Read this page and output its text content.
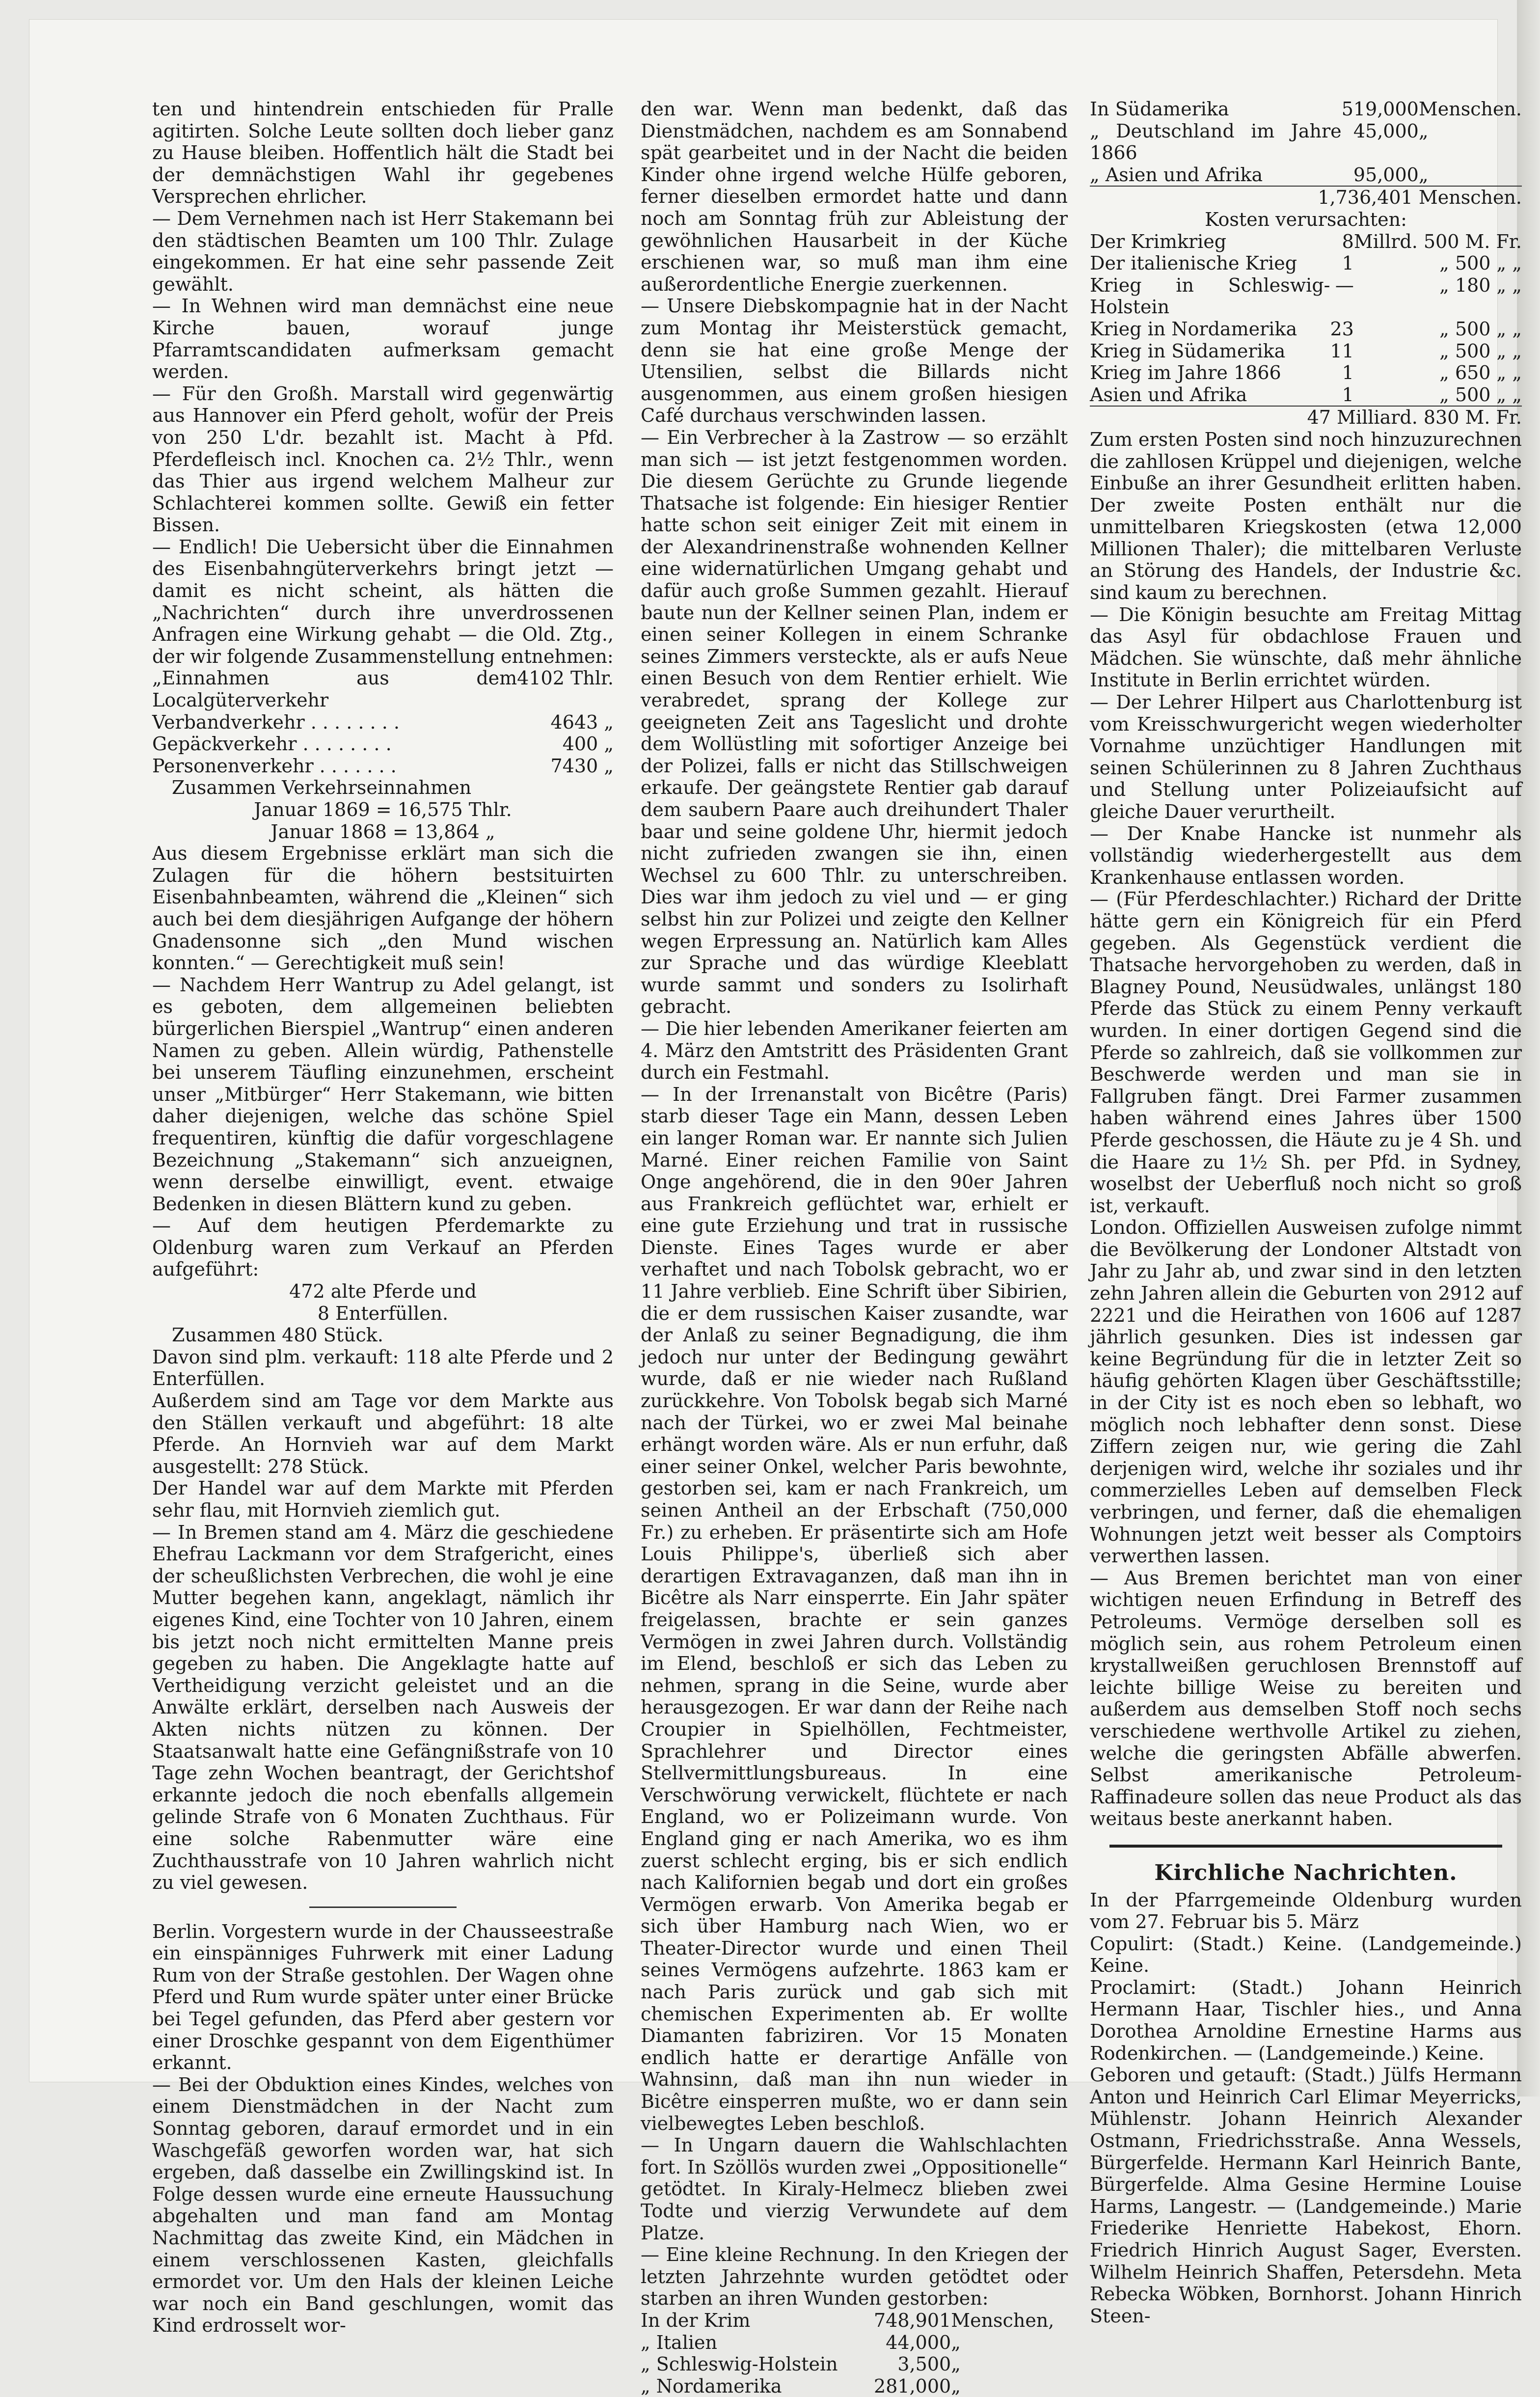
ten und hintendrein entschieden für Pralle agitirten. Solche Leute sollten doch lieber ganz zu Hause bleiben. Hoffentlich hält die Stadt bei der demnächstigen Wahl ihr gegebenes Versprechen ehrlicher.

— Dem Vernehmen nach ist Herr Stakemann bei den städtischen Beamten um 100 Thlr. Zulage eingekommen. Er hat eine sehr passende Zeit gewählt.

— In Wehnen wird man demnächst eine neue Kirche bauen, worauf junge Pfarramtscandidaten aufmerksam gemacht werden.

— Für den Großh. Marstall wird gegenwärtig aus Hannover ein Pferd geholt, wofür der Preis von 250 L'dr. bezahlt ist. Macht à Pfd. Pferdefleisch incl. Knochen ca. 2½ Thlr., wenn das Thier aus irgend welchem Malheur zur Schlachterei kommen sollte. Gewiß ein fetter Bissen.

— Endlich! Die Uebersicht über die Einnahmen des Eisenbahngüterverkehrs bringt jetzt — damit es nicht scheint, als hätten die „Nachrichten“ durch ihre unverdrossenen Anfragen eine Wirkung gehabt — die Old. Ztg., der wir folgende Zusammenstellung entnehmen:

„Einnahmen aus dem Localgüterverkehr	4102 Thlr.
Verbandverkehr . . . . . . . .	4643 „
Gepäckverkehr . . . . . . . .	400 „
Personenverkehr . . . . . . .	7430 „

Zusammen Verkehrseinnahmen

Januar 1869 = 16,575 Thlr.

Januar 1868 = 13,864 „

Aus diesem Ergebnisse erklärt man sich die Zulagen für die höhern bestsituirten Eisenbahnbeamten, während die „Kleinen“ sich auch bei dem diesjährigen Aufgange der höhern Gnadensonne sich „den Mund wischen konnten.“ — Gerechtigkeit muß sein!

— Nachdem Herr Wantrup zu Adel gelangt, ist es geboten, dem allgemeinen beliebten bürgerlichen Bierspiel „Wantrup“ einen anderen Namen zu geben. Allein würdig, Pathenstelle bei unserem Täufling einzunehmen, erscheint unser „Mitbürger“ Herr Stakemann, wie bitten daher diejenigen, welche das schöne Spiel frequentiren, künftig die dafür vorgeschlagene Bezeichnung „Stakemann“ sich anzueignen, wenn derselbe einwilligt, event. etwaige Bedenken in diesen Blättern kund zu geben.

— Auf dem heutigen Pferdemarkte zu Oldenburg waren zum Verkauf an Pferden aufgeführt:

472 alte Pferde und

8 Enterfüllen.

Zusammen 480 Stück.

Davon sind plm. verkauft: 118 alte Pferde und 2 Enterfüllen.

Außerdem sind am Tage vor dem Markte aus den Ställen verkauft und abgeführt: 18 alte Pferde. An Hornvieh war auf dem Markt ausgestellt: 278 Stück.

Der Handel war auf dem Markte mit Pferden sehr flau, mit Hornvieh ziemlich gut.

— In Bremen stand am 4. März die geschiedene Ehefrau Lackmann vor dem Strafgericht, eines der scheußlichsten Verbrechen, die wohl je eine Mutter begehen kann, angeklagt, nämlich ihr eigenes Kind, eine Tochter von 10 Jahren, einem bis jetzt noch nicht ermittelten Manne preis gegeben zu haben. Die Angeklagte hatte auf Vertheidigung verzicht geleistet und an die Anwälte erklärt, derselben nach Ausweis der Akten nichts nützen zu können. Der Staatsanwalt hatte eine Gefängnißstrafe von 10 Tage zehn Wochen beantragt, der Gerichtshof erkannte jedoch die noch ebenfalls allgemein gelinde Strafe von 6 Monaten Zuchthaus. Für eine solche Rabenmutter wäre eine Zuchthausstrafe von 10 Jahren wahrlich nicht zu viel gewesen.

Berlin. Vorgestern wurde in der Chausseestraße ein einspänniges Fuhrwerk mit einer Ladung Rum von der Straße gestohlen. Der Wagen ohne Pferd und Rum wurde später unter einer Brücke bei Tegel gefunden, das Pferd aber gestern vor einer Droschke gespannt von dem Eigenthümer erkannt.

— Bei der Obduktion eines Kindes, welches von einem Dienstmädchen in der Nacht zum Sonntag geboren, darauf ermordet und in ein Waschgefäß geworfen worden war, hat sich ergeben, daß dasselbe ein Zwillingskind ist. In Folge dessen wurde eine erneute Haussuchung abgehalten und man fand am Montag Nachmittag das zweite Kind, ein Mädchen in einem verschlossenen Kasten, gleichfalls ermordet vor. Um den Hals der kleinen Leiche war noch ein Band geschlungen, womit das Kind erdrosselt wor-

den war. Wenn man bedenkt, daß das Dienstmädchen, nachdem es am Sonnabend spät gearbeitet und in der Nacht die beiden Kinder ohne irgend welche Hülfe geboren, ferner dieselben ermordet hatte und dann noch am Sonntag früh zur Ableistung der gewöhnlichen Hausarbeit in der Küche erschienen war, so muß man ihm eine außerordentliche Energie zuerkennen.

— Unsere Diebskompagnie hat in der Nacht zum Montag ihr Meisterstück gemacht, denn sie hat eine große Menge der Utensilien, selbst die Billards nicht ausgenommen, aus einem großen hiesigen Café durchaus verschwinden lassen.

— Ein Verbrecher à la Zastrow — so erzählt man sich — ist jetzt festgenommen worden. Die diesem Gerüchte zu Grunde liegende Thatsache ist folgende: Ein hiesiger Rentier hatte schon seit einiger Zeit mit einem in der Alexandrinenstraße wohnenden Kellner eine widernatürlichen Umgang gehabt und dafür auch große Summen gezahlt. Hierauf baute nun der Kellner seinen Plan, indem er einen seiner Kollegen in einem Schranke seines Zimmers versteckte, als er aufs Neue einen Besuch von dem Rentier erhielt. Wie verabredet, sprang der Kollege zur geeigneten Zeit ans Tageslicht und drohte dem Wollüstling mit sofortiger Anzeige bei der Polizei, falls er nicht das Stillschweigen erkaufe. Der geängstete Rentier gab darauf dem saubern Paare auch dreihundert Thaler baar und seine goldene Uhr, hiermit jedoch nicht zufrieden zwangen sie ihn, einen Wechsel zu 600 Thlr. zu unterschreiben. Dies war ihm jedoch zu viel und — er ging selbst hin zur Polizei und zeigte den Kellner wegen Erpressung an. Natürlich kam Alles zur Sprache und das würdige Kleeblatt wurde sammt und sonders zu Isolirhaft gebracht.

— Die hier lebenden Amerikaner feierten am 4. März den Amtstritt des Präsidenten Grant durch ein Festmahl.

— In der Irrenanstalt von Bicêtre (Paris) starb dieser Tage ein Mann, dessen Leben ein langer Roman war. Er nannte sich Julien Marné. Einer reichen Familie von Saint Onge angehörend, die in den 90er Jahren aus Frankreich geflüchtet war, erhielt er eine gute Erziehung und trat in russische Dienste. Eines Tages wurde er aber verhaftet und nach Tobolsk gebracht, wo er 11 Jahre verblieb. Eine Schrift über Sibirien, die er dem russischen Kaiser zusandte, war der Anlaß zu seiner Begnadigung, die ihm jedoch nur unter der Bedingung gewährt wurde, daß er nie wieder nach Rußland zurückkehre. Von Tobolsk begab sich Marné nach der Türkei, wo er zwei Mal beinahe erhängt worden wäre. Als er nun erfuhr, daß einer seiner Onkel, welcher Paris bewohnte, gestorben sei, kam er nach Frankreich, um seinen Antheil an der Erbschaft (750,000 Fr.) zu erheben. Er präsentirte sich am Hofe Louis Philippe's, überließ sich aber derartigen Extravaganzen, daß man ihn in Bicêtre als Narr einsperrte. Ein Jahr später freigelassen, brachte er sein ganzes Vermögen in zwei Jahren durch. Vollständig im Elend, beschloß er sich das Leben zu nehmen, sprang in die Seine, wurde aber herausgezogen. Er war dann der Reihe nach Croupier in Spielhöllen, Fechtmeister, Sprachlehrer und Director eines Stellvermittlungsbureaus. In eine Verschwörung verwickelt, flüchtete er nach England, wo er Polizeimann wurde. Von England ging er nach Amerika, wo es ihm zuerst schlecht erging, bis er sich endlich nach Kalifornien begab und dort ein großes Vermögen erwarb. Von Amerika begab er sich über Hamburg nach Wien, wo er Theater-Director wurde und einen Theil seines Vermögens aufzehrte. 1863 kam er nach Paris zurück und gab sich mit chemischen Experimenten ab. Er wollte Diamanten fabriziren. Vor 15 Monaten endlich hatte er derartige Anfälle von Wahnsinn, daß man ihn nun wieder in Bicêtre einsperren mußte, wo er dann sein vielbewegtes Leben beschloß.

— In Ungarn dauern die Wahlschlachten fort. In Szöllös wurden zwei „Oppositionelle“ getödtet. In Kiraly-Helmecz blieben zwei Todte und vierzig Verwundete auf dem Platze.

— Eine kleine Rechnung. In den Kriegen der letzten Jahrzehnte wurden getödtet oder starben an ihren Wunden gestorben:

In der Krim	748,901	Menschen,
„ Italien	44,000	„
„ Schleswig-Holstein	3,500	„
„ Nordamerika	281,000	„
In Südamerika	519,000	Menschen.
„ Deutschland im Jahre 1866	45,000	„
„ Asien und Afrika	95,000	„

1,736,401 Menschen.

Kosten verursachten:

Der Krimkrieg	8	Millrd. 500 M. Fr.
Der italienische Krieg	1	„ 500 „ „
Krieg in Schleswig-Holstein	—	„ 180 „ „
Krieg in Nordamerika	23	„ 500 „ „
Krieg in Südamerika	11	„ 500 „ „
Krieg im Jahre 1866	1	„ 650 „ „
Asien und Afrika	1	„ 500 „ „

47 Milliard. 830 M. Fr.

Zum ersten Posten sind noch hinzuzurechnen die zahllosen Krüppel und diejenigen, welche Einbuße an ihrer Gesundheit erlitten haben. Der zweite Posten enthält nur die unmittelbaren Kriegskosten (etwa 12,000 Millionen Thaler); die mittelbaren Verluste an Störung des Handels, der Industrie &c. sind kaum zu berechnen.

— Die Königin besuchte am Freitag Mittag das Asyl für obdachlose Frauen und Mädchen. Sie wünschte, daß mehr ähnliche Institute in Berlin errichtet würden.

— Der Lehrer Hilpert aus Charlottenburg ist vom Kreisschwurgericht wegen wiederholter Vornahme unzüchtiger Handlungen mit seinen Schülerinnen zu 8 Jahren Zuchthaus und Stellung unter Polizeiaufsicht auf gleiche Dauer verurtheilt.

— Der Knabe Hancke ist nunmehr als vollständig wiederhergestellt aus dem Krankenhause entlassen worden.

— (Für Pferdeschlachter.) Richard der Dritte hätte gern ein Königreich für ein Pferd gegeben. Als Gegenstück verdient die Thatsache hervorgehoben zu werden, daß in Blagney Pound, Neusüdwales, unlängst 180 Pferde das Stück zu einem Penny verkauft wurden. In einer dortigen Gegend sind die Pferde so zahlreich, daß sie vollkommen zur Beschwerde werden und man sie in Fallgruben fängt. Drei Farmer zusammen haben während eines Jahres über 1500 Pferde geschossen, die Häute zu je 4 Sh. und die Haare zu 1½ Sh. per Pfd. in Sydney, woselbst der Ueberfluß noch nicht so groß ist, verkauft.

London. Offiziellen Ausweisen zufolge nimmt die Bevölkerung der Londoner Altstadt von Jahr zu Jahr ab, und zwar sind in den letzten zehn Jahren allein die Geburten von 2912 auf 2221 und die Heirathen von 1606 auf 1287 jährlich gesunken. Dies ist indessen gar keine Begründung für die in letzter Zeit so häufig gehörten Klagen über Geschäftsstille; in der City ist es noch eben so lebhaft, wo möglich noch lebhafter denn sonst. Diese Ziffern zeigen nur, wie gering die Zahl derjenigen wird, welche ihr soziales und ihr commerzielles Leben auf demselben Fleck verbringen, und ferner, daß die ehemaligen Wohnungen jetzt weit besser als Comptoirs verwerthen lassen.

— Aus Bremen berichtet man von einer wichtigen neuen Erfindung in Betreff des Petroleums. Vermöge derselben soll es möglich sein, aus rohem Petroleum einen krystallweißen geruchlosen Brennstoff auf leichte billige Weise zu bereiten und außerdem aus demselben Stoff noch sechs verschiedene werthvolle Artikel zu ziehen, welche die geringsten Abfälle abwerfen. Selbst amerikanische Petroleum-Raffinadeure sollen das neue Product als das weitaus beste anerkannt haben.

Kirchliche Nachrichten.

In der Pfarrgemeinde Oldenburg wurden vom 27. Februar bis 5. März

Copulirt: (Stadt.) Keine. (Landgemeinde.) Keine.

Proclamirt: (Stadt.) Johann Heinrich Hermann Haar, Tischler hies., und Anna Dorothea Arnoldine Ernestine Harms aus Rodenkirchen. — (Landgemeinde.) Keine.

Geboren und getauft: (Stadt.) Jülfs Hermann Anton und Heinrich Carl Elimar Meyerricks, Mühlenstr. Johann Heinrich Alexander Ostmann, Friedrichsstraße. Anna Wessels, Bürgerfelde. Hermann Karl Heinrich Bante, Bürgerfelde. Alma Gesine Hermine Louise Harms, Langestr. — (Landgemeinde.) Marie Friederike Henriette Habekost, Ehorn. Friedrich Hinrich August Sager, Eversten. Wilhelm Heinrich Shaffen, Petersdehn. Meta Rebecka Wöbken, Bornhorst. Johann Hinrich Steen-
